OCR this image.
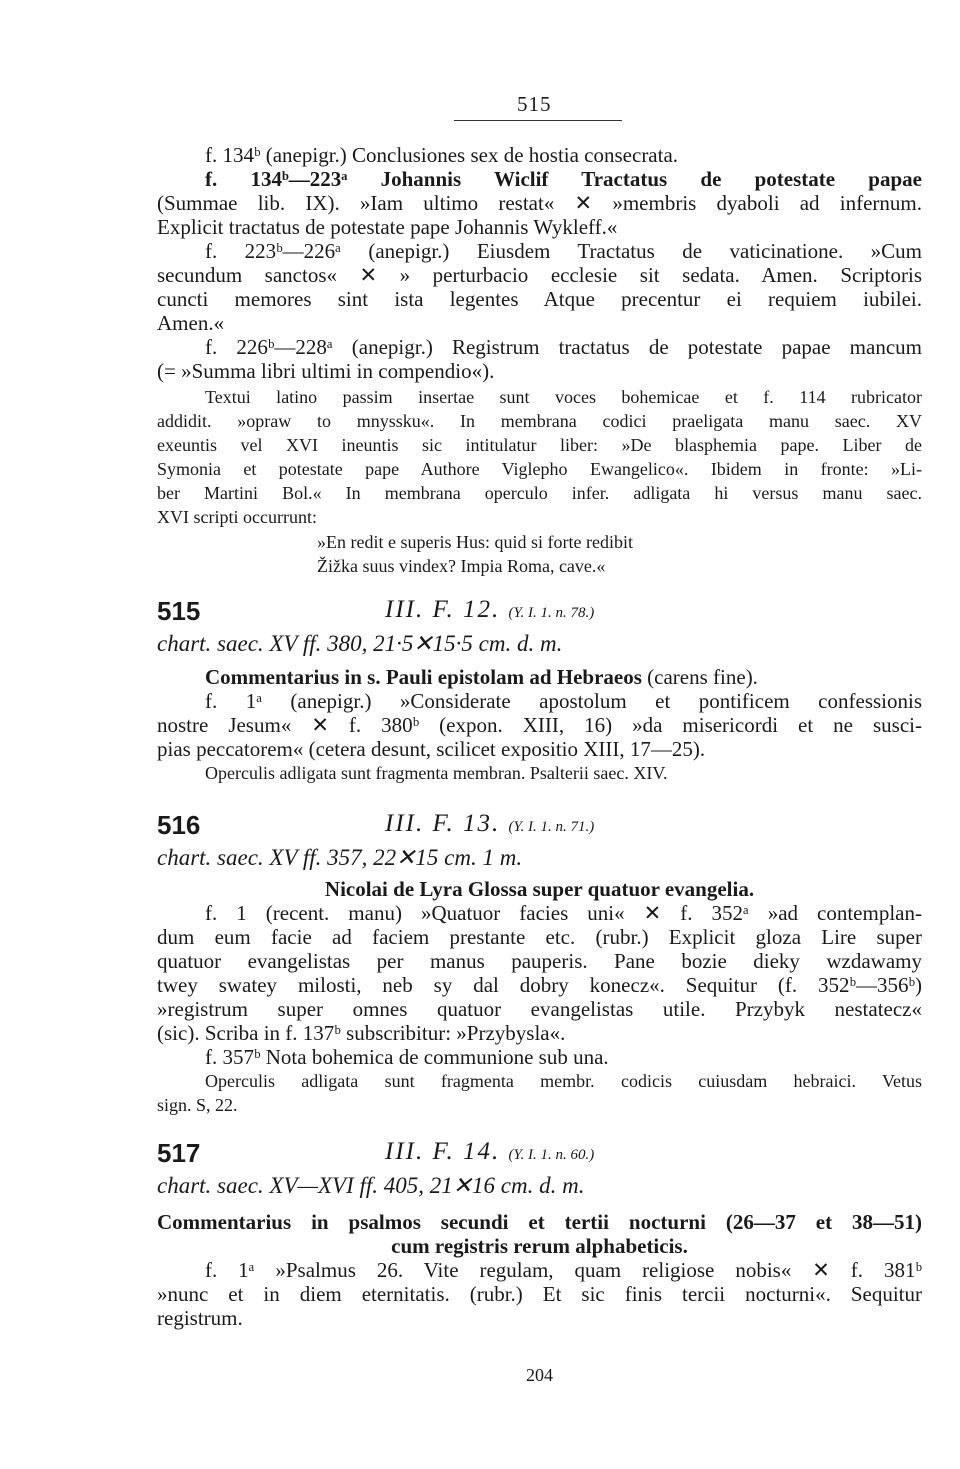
515
f. 134ᵇ (anepigr.) Conclusiones sex de hostia consecrata.
f. 134ᵇ—223ᵃ Johannis Wiclif Tractatus de potestate papae
(Summae lib. IX). »Iam ultimo restat« ✕ »membris dyaboli ad infernum.
Explicit tractatus de potestate pape Johannis Wykleff.«
f. 223ᵇ—226ᵃ (anepigr.) Eiusdem Tractatus de vaticinatione. »Cum
secundum sanctos« ✕ » perturbacio ecclesie sit sedata. Amen. Scriptoris
cuncti memores sint ista legentes Atque precentur ei requiem iubilei.
Amen.«
f. 226ᵇ—228ᵃ (anepigr.) Registrum tractatus de potestate papae mancum
(= »Summa libri ultimi in compendio«).
Textui latino passim insertae sunt voces bohemicae et f. 114 rubricator
addidit. »opraw to mnyssku«. In membrana codici praeligata manu saec. XV
exeuntis vel XVI ineuntis sic intitulatur liber: »De blasphemia pape. Liber de
Symonia et potestate pape Authore Viglepho Ewangelico«. Ibidem in fronte: »Li-
ber Martini Bol.« In membrana operculo infer. adligata hi versus manu saec.
XVI scripti occurrunt:
»En redit e superis Hus: quid si forte redibit
Žižka suus vindex? Impia Roma, cave.«
515	III. F. 12. (Y. I. 1. n. 78.)
chart. saec. XV ff. 380, 21·5✕15·5 cm. d. m.
Commentarius in s. Pauli epistolam ad Hebraeos (carens fine).
f. 1ᵃ (anepigr.) »Considerate apostolum et pontificem confessionis
nostre Jesum« ✕ f. 380ᵇ (expon. XIII, 16) »da misericordi et ne susci-
pias peccatorem« (cetera desunt, scilicet expositio XIII, 17—25).
Operculis adligata sunt fragmenta membran. Psalterii saec. XIV.
516	III. F. 13. (Y. I. 1. n. 71.)
chart. saec. XV ff. 357, 22✕15 cm. 1 m.
Nicolai de Lyra Glossa super quatuor evangelia.
f. 1 (recent. manu) »Quatuor facies uni« ✕ f. 352ᵃ »ad contemplan-
dum eum facie ad faciem prestante etc. (rubr.) Explicit gloza Lire super
quatuor evangelistas per manus pauperis. Pane bozie dieky wzdawamy
twey swatey milosti, neb sy dal dobry konecz«. Sequitur (f. 352ᵇ—356ᵇ)
»registrum super omnes quatuor evangelistas utile. Przybyk nestatecz«
(sic). Scriba in f. 137ᵇ subscribitur: »Przybysla«.
f. 357ᵇ Nota bohemica de communione sub una.
Operculis adligata sunt fragmenta membr. codicis cuiusdam hebraici. Vetus
sign. S, 22.
517	III. F. 14. (Y. I. 1. n. 60.)
chart. saec. XV—XVI ff. 405, 21✕16 cm. d. m.
Commentarius in psalmos secundi et tertii nocturni (26—37 et 38—51)
cum registris rerum alphabeticis.
f. 1ᵃ »Psalmus 26. Vite regulam, quam religiose nobis« ✕ f. 381ᵇ
»nunc et in diem eternitatis. (rubr.) Et sic finis tercii nocturni«. Sequitur
registrum.
204
